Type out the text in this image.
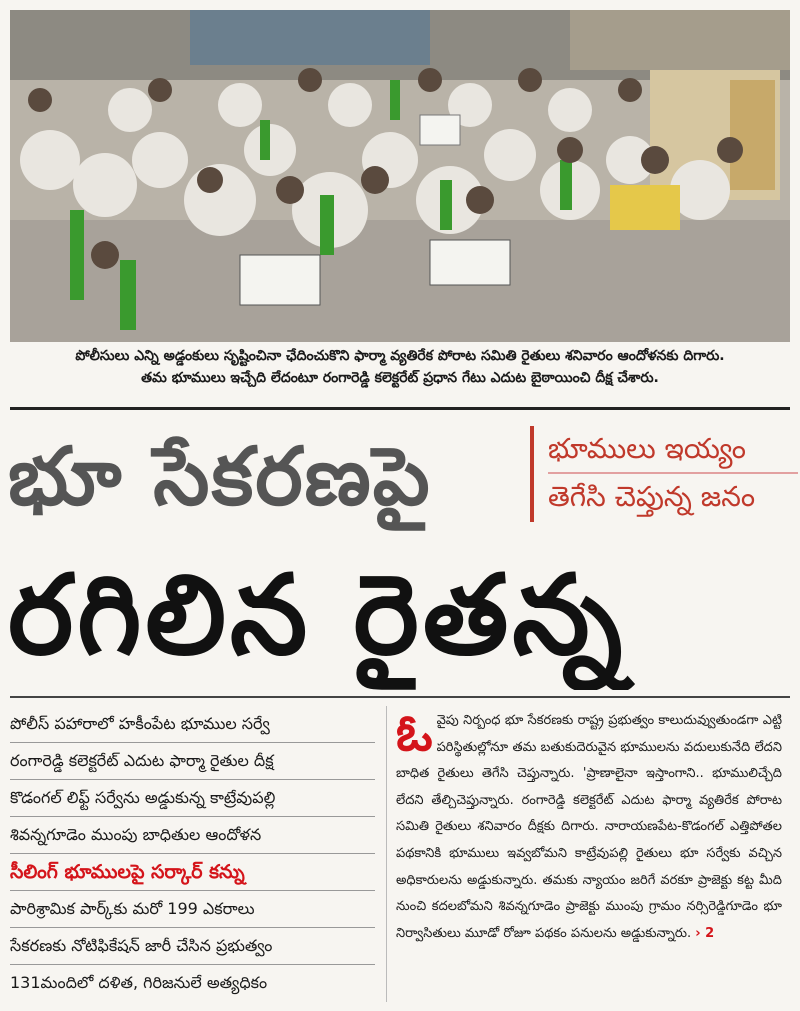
పోలీసులు ఎన్ని అడ్డంకులు సృష్టించినా ఛేదించుకొని ఫార్మా వ్యతిరేక పోరాట సమితి రైతులు శనివారం ఆందోళనకు దిగారు.
తమ భూములు ఇచ్చేది లేదంటూ రంగారెడ్డి కలెక్టరేట్ ప్రధాన గేటు ఎదుట బైఠాయించి దీక్ష చేశారు.
భూ సేకరణపై	భూములు ఇయ్యం
తెగేసి చెప్తున్న జనం
రగిలిన రైతన్న
పోలీస్ పహారాలో హకీంపేట భూముల సర్వే
రంగారెడ్డి కలెక్టరేట్ ఎదుట ఫార్మా రైతుల దీక్ష
కొడంగల్ లిఫ్ట్ సర్వేను అడ్డుకున్న కాట్రేవుపల్లి
శివన్నగూడెం ముంపు బాధితుల ఆందోళన
సీలింగ్ భూములపై సర్కార్ కన్ను
పారిశ్రామిక పార్క్‌కు మరో 199 ఎకరాలు
సేకరణకు నోటిఫికేషన్ జారీ చేసిన ప్రభుత్వం
131మందిలో దళిత, గిరిజనులే అత్యధికం
ఓ వైపు నిర్బంధ భూ సేకరణకు రాష్ట్ర ప్రభుత్వం కాలుదువ్వుతుండగా ఎట్టి పరిస్థితుల్లోనూ తమ బతుకుదెరువైన భూములను వదులుకునేది లేదని బాధిత రైతులు తెగేసి చెప్తున్నారు. 'ప్రాణాలైనా ఇస్తాంగాని.. భూములిచ్చేది లేదని తేల్చిచెప్తున్నారు. రంగారెడ్డి కలెక్టరేట్ ఎదుట ఫార్మా వ్యతిరేక పోరాట సమితి రైతులు శనివారం దీక్షకు దిగారు. నారాయణపేట-కొడంగల్ ఎత్తిపోతల పథకానికి భూములు ఇవ్వబోమని కాట్రేవుపల్లి రైతులు భూ సర్వేకు వచ్చిన అధికారులను అడ్డుకున్నారు. తమకు న్యాయం జరిగే వరకూ ప్రాజెక్టు కట్ట మీది నుంచి కదలబోమని శివన్నగూడెం ప్రాజెక్టు ముంపు గ్రామం నర్సిరెడ్డిగూడెం భూ నిర్వాసితులు మూడో రోజూ పథకం పనులను అడ్డుకున్నారు. › 2
